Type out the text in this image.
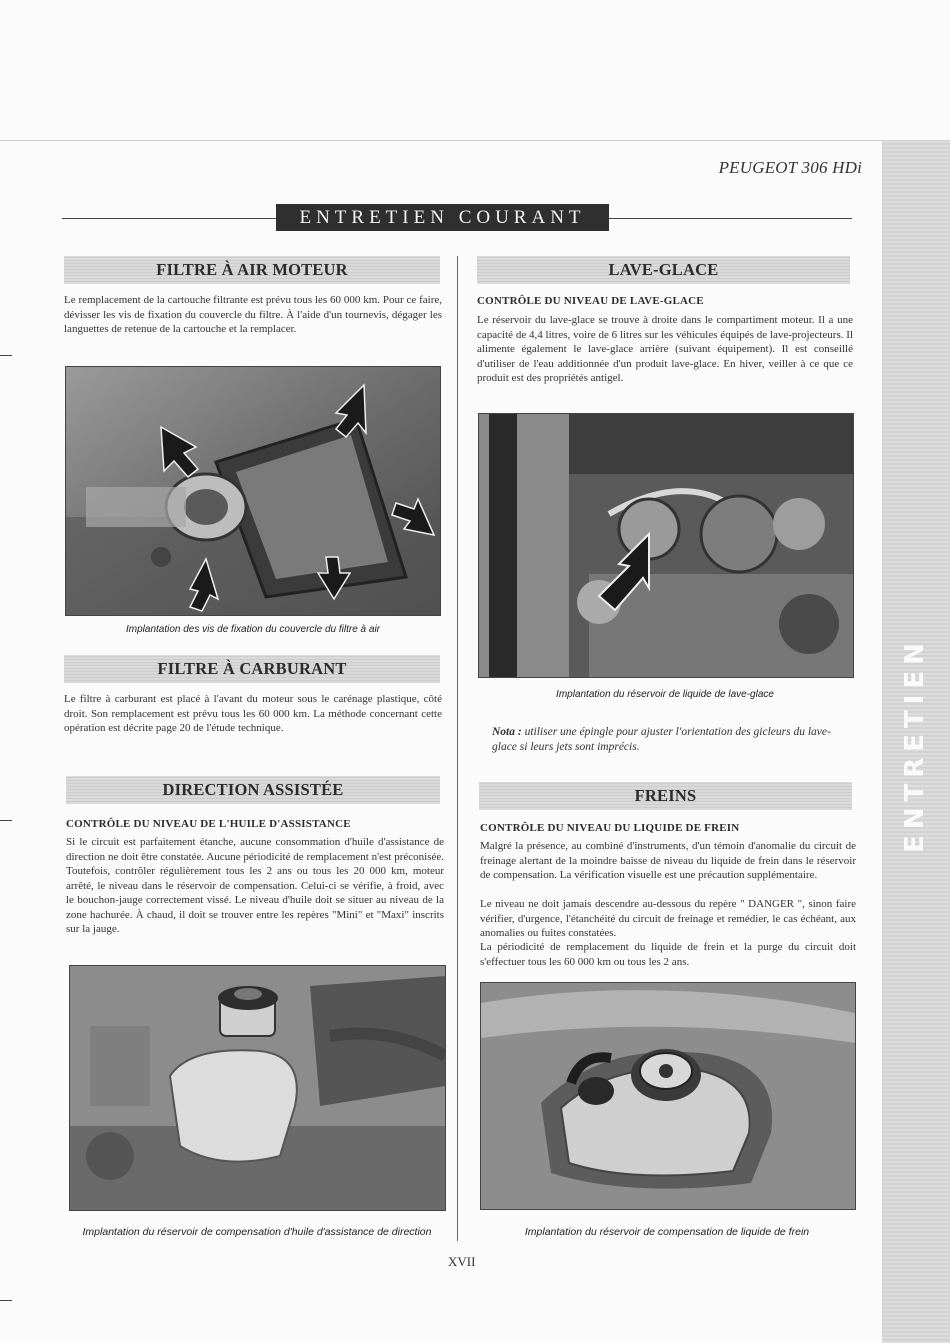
ENTRETIEN
PEUGEOT 306 HDi
ENTRETIEN COURANT
FILTRE À AIR MOTEUR
Le remplacement de la cartouche filtrante est prévu tous les 60 000 km. Pour ce faire, dévisser les vis de fixation du couvercle du filtre. À l'aide d'un tournevis, dégager les languettes de retenue de la cartouche et la remplacer.
Implantation des vis de fixation du couvercle du filtre à air
FILTRE À CARBURANT
Le filtre à carburant est placé à l'avant du moteur sous le carénage plastique, côté droit. Son remplacement est prévu tous les 60 000 km. La méthode concernant cette opération est décrite page 20 de l'étude technique.
DIRECTION ASSISTÉE
CONTRÔLE DU NIVEAU DE L'HUILE D'ASSISTANCE
Si le circuit est parfaitement étanche, aucune consommation d'huile d'assistance de direction ne doit être constatée. Aucune périodicité de remplacement n'est préconisée. Toutefois, contrôler régulièrement tous les 2 ans ou tous les 20 000 km, moteur arrêté, le niveau dans le réservoir de compensation. Celui-ci se vérifie, à froid, avec le bouchon-jauge correctement vissé. Le niveau d'huile doit se situer au niveau de la zone hachurée. À chaud, il doit se trouver entre les repères "Mini" et "Maxi" inscrits sur la jauge.
Implantation du réservoir de compensation d'huile d'assistance de direction
LAVE-GLACE
CONTRÔLE DU NIVEAU DE LAVE-GLACE
Le réservoir du lave-glace se trouve à droite dans le compartiment moteur. Il a une capacité de 4,4 litres, voire de 6 litres sur les véhicules équipés de lave-projecteurs. Il alimente également le lave-glace arrière (suivant équipement). Il est conseillé d'utiliser de l'eau additionnée d'un produit lave-glace. En hiver, veiller à ce que ce produit est des propriétés antigel.
Implantation du réservoir de liquide de lave-glace
Nota : utiliser une épingle pour ajuster l'orientation des gicleurs du lave-glace si leurs jets sont imprécis.
FREINS
CONTRÔLE DU NIVEAU DU LIQUIDE DE FREIN
Malgré la présence, au combiné d'instruments, d'un témoin d'anomalie du circuit de freinage alertant de la moindre baisse de niveau du liquide de frein dans le réservoir de compensation. La vérification visuelle est une précaution supplémentaire.
Le niveau ne doit jamais descendre au-dessous du repère " DANGER ", sinon faire vérifier, d'urgence, l'étanchéité du circuit de freinage et remédier, le cas échéant, aux anomalies ou fuites constatées.
La périodicité de remplacement du liquide de frein et la purge du circuit doit s'effectuer tous les 60 000 km ou tous les 2 ans.
Implantation du réservoir de compensation de liquide de frein
XVII
